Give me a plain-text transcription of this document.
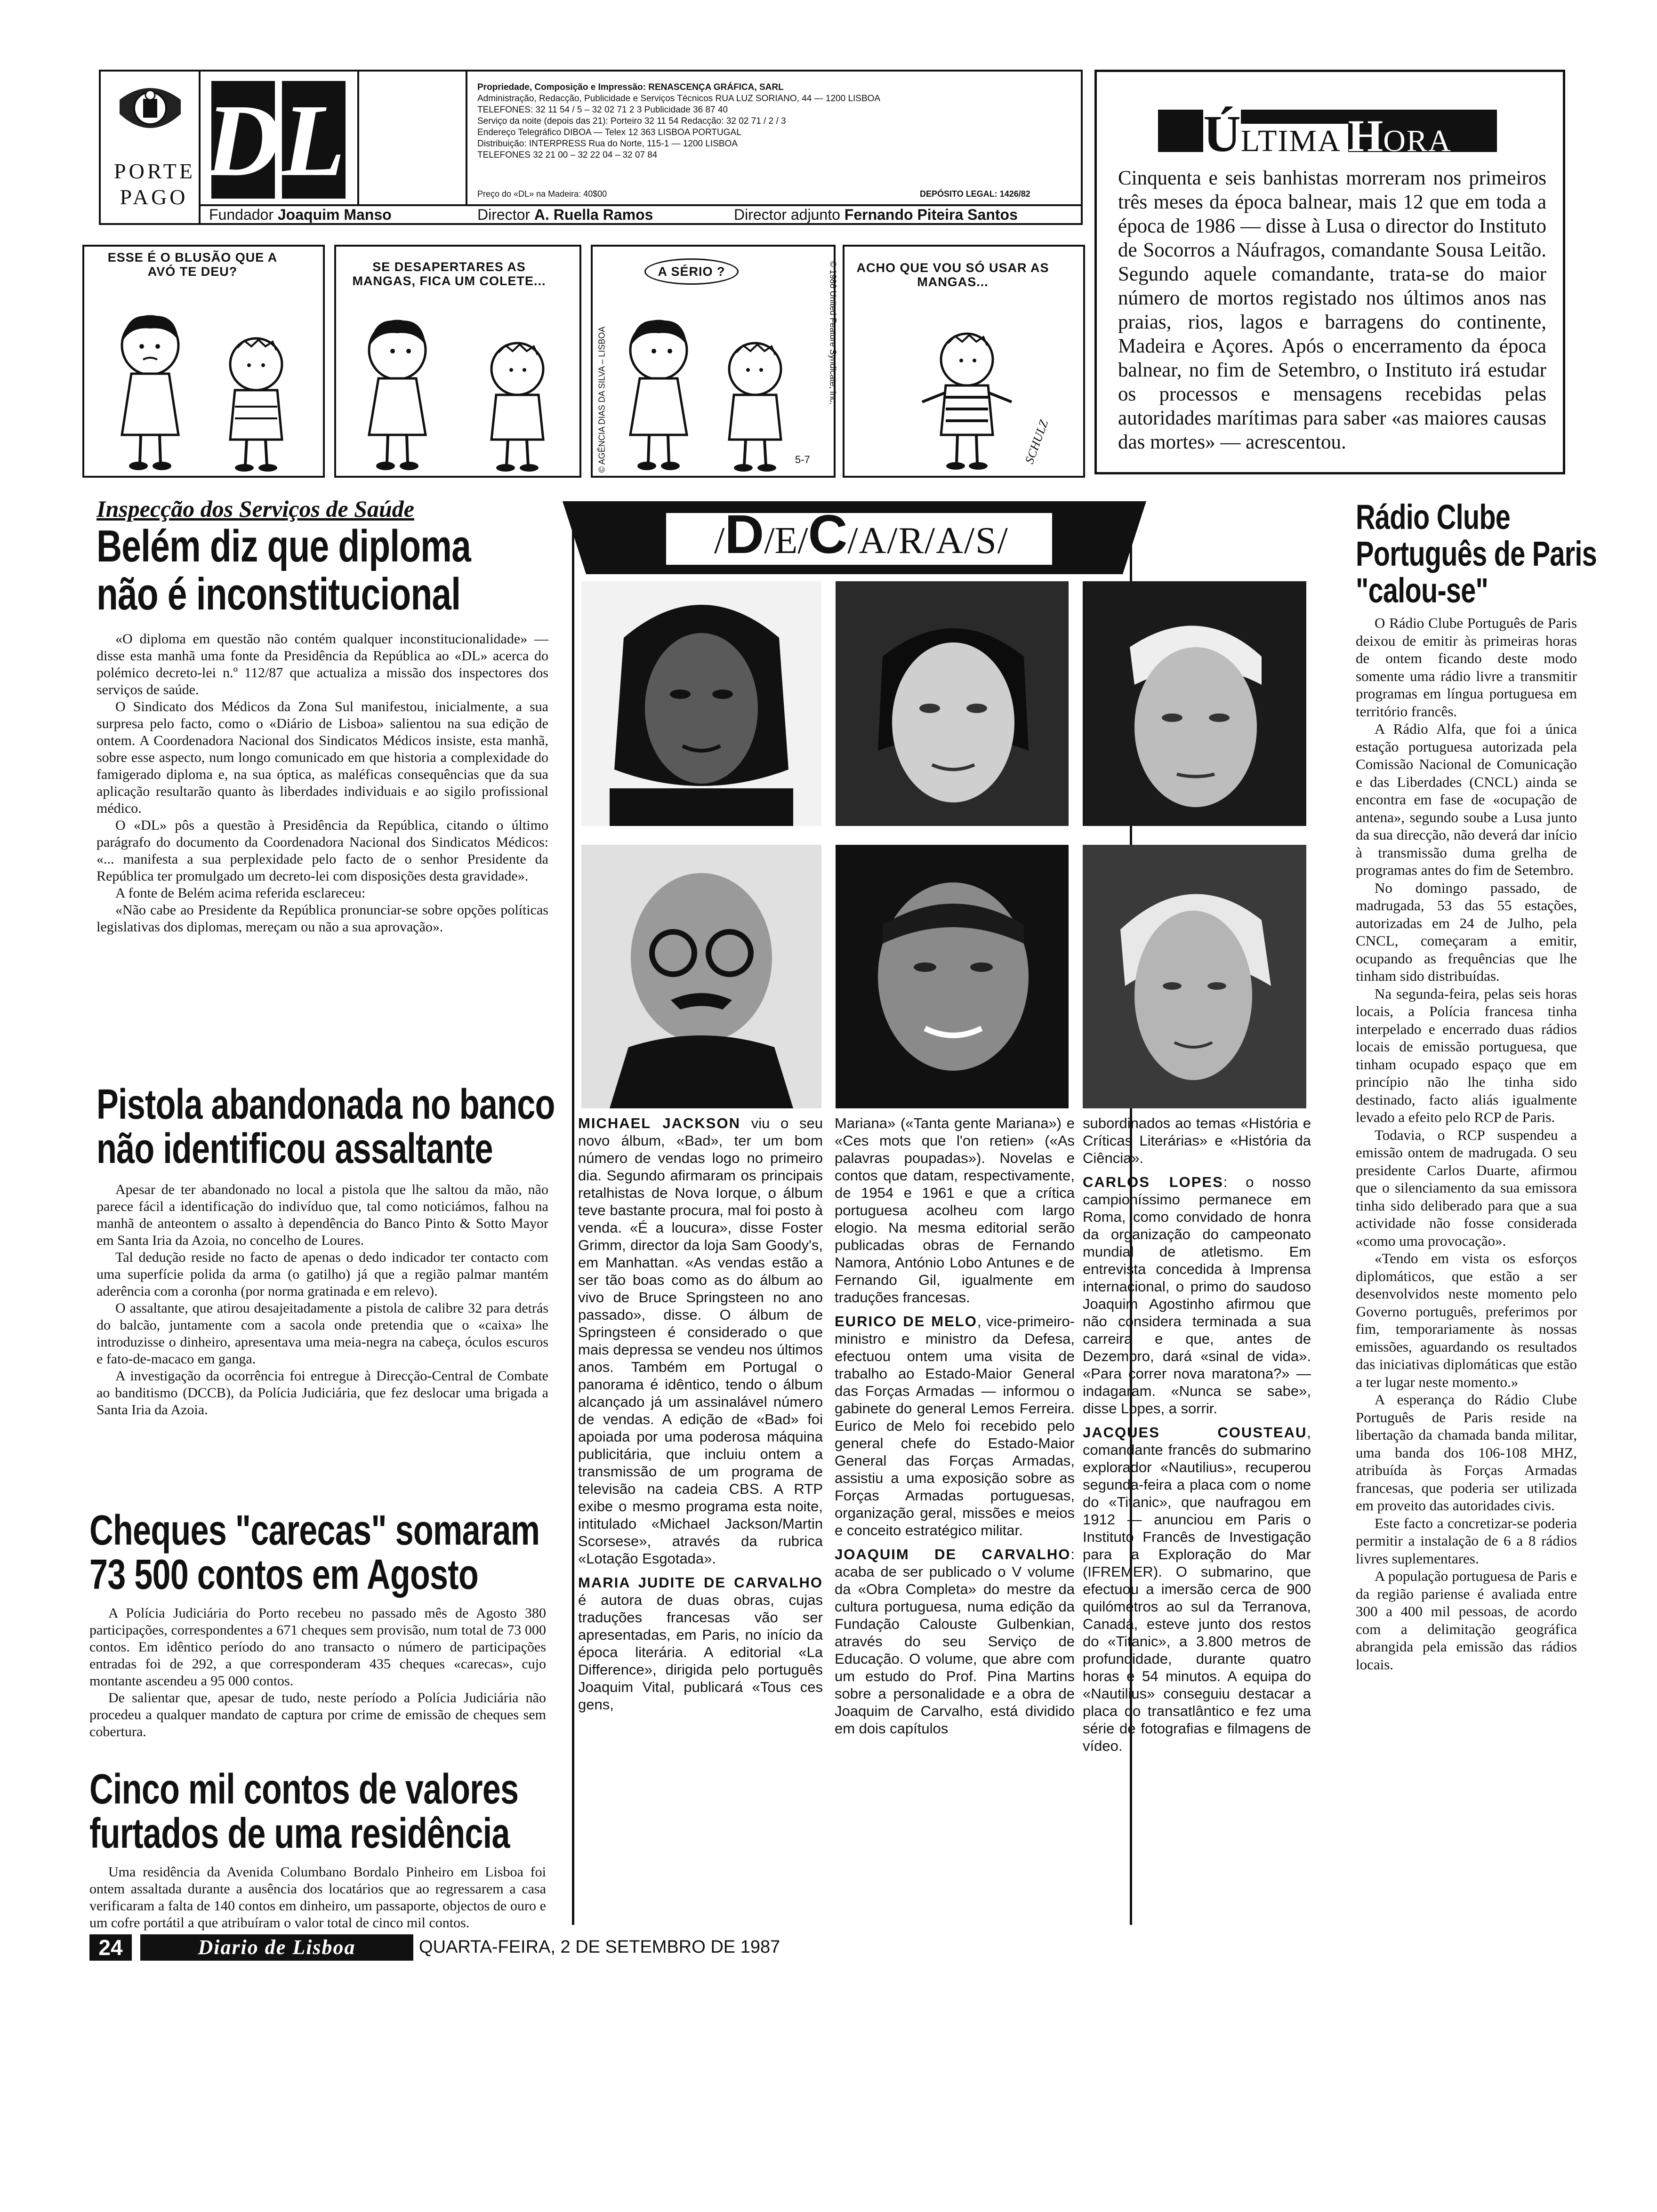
PORTE
PAGO D L	Propriedade, Composição e Impressão: RENASCENÇA GRÁFICA, SARL
Administração, Redacção, Publicidade e Serviços Técnicos RUA LUZ SORIANO, 44 — 1200 LISBOA
TELEFONES: 32 11 54 / 5 – 32 02 71 2 3 Publicidade 36 87 40
Serviço da noite (depois das 21): Porteiro 32 11 54 Redacção: 32 02 71 / 2 / 3
Endereço Telegráfico DIBOA — Telex 12 363 LISBOA PORTUGAL
Distribuição: INTERPRESS Rua do Norte, 115-1 — 1200 LISBOA
TELEFONES 32 21 00 – 32 22 04 – 32 07 84
Preço do «DL» na Madeira: 40$00	DEPÓSITO LEGAL: 1426/82
Fundador Joaquim Manso	Director A. Ruella Ramos	Director adjunto Fernando Piteira Santos
ESSE É O BLUSÃO QUE A AVÓ TE DEU?	SE DESAPERTARES AS MANGAS, FICA UM COLETE...
A SÉRIO ?
© AGÊNCIA DIAS DA SILVA – LISBOA	© 1986 United Feature Syndicate, Inc.
5-7
ACHO QUE VOU SÓ USAR AS MANGAS...
SCHULZ
ÚLTIMA HORA
Cinquenta e seis banhistas morreram nos primeiros três meses da época balnear, mais 12 que em toda a época de 1986 — disse à Lusa o director do Instituto de Socorros a Náufragos, comandante Sousa Leitão. Segundo aquele comandante, trata-se do maior número de mortos registado nos últimos anos nas praias, rios, lagos e barragens do continente, Madeira e Açores. Após o encerramento da época balnear, no fim de Setembro, o Instituto irá estudar os processos e mensagens recebidas pelas autoridades marítimas para saber «as maiores causas das mortes» — acrescentou.
Inspecção dos Serviços de Saúde
Belém diz que diploma
não é inconstitucional

«O diploma em questão não contém qualquer inconstitucionalidade» — disse esta manhã uma fonte da Presidência da República ao «DL» acerca do polémico decreto-lei n.º 112/87 que actualiza a missão dos inspectores dos serviços de saúde.

O Sindicato dos Médicos da Zona Sul manifestou, inicialmente, a sua surpresa pelo facto, como o «Diário de Lisboa» salientou na sua edição de ontem. A Coordenadora Nacional dos Sindicatos Médicos insiste, esta manhã, sobre esse aspecto, num longo comunicado em que historia a complexidade do famigerado diploma e, na sua óptica, as maléficas consequências que da sua aplicação resultarão quanto às liberdades individuais e ao sigilo profissional médico.

O «DL» pôs a questão à Presidência da República, citando o último parágrafo do documento da Coordenadora Nacional dos Sindicatos Médicos: «... manifesta a sua perplexidade pelo facto de o senhor Presidente da República ter promulgado um decreto-lei com disposições desta gravidade».

A fonte de Belém acima referida esclareceu:

«Não cabe ao Presidente da República pronunciar-se sobre opções políticas legislativas dos diplomas, mereçam ou não a sua aprovação».

Pistola abandonada no banco
não identificou assaltante

Apesar de ter abandonado no local a pistola que lhe saltou da mão, não parece fácil a identificação do indivíduo que, tal como noticiámos, falhou na manhã de anteontem o assalto à dependência do Banco Pinto & Sotto Mayor em Santa Iria da Azoia, no concelho de Loures.

Tal dedução reside no facto de apenas o dedo indicador ter contacto com uma superfície polida da arma (o gatilho) já que a região palmar mantém aderência com a coronha (por norma gratinada e em relevo).

O assaltante, que atirou desajeitadamente a pistola de calibre 32 para detrás do balcão, juntamente com a sacola onde pretendia que o «caixa» lhe introduzisse o dinheiro, apresentava uma meia-negra na cabeça, óculos escuros e fato-de-macaco em ganga.

A investigação da ocorrência foi entregue à Direcção-Central de Combate ao banditismo (DCCB), da Polícia Judiciária, que fez deslocar uma brigada a Santa Iria da Azoia.

Cheques "carecas" somaram
73 500 contos em Agosto

A Polícia Judiciária do Porto recebeu no passado mês de Agosto 380 participações, correspondentes a 671 cheques sem provisão, num total de 73 000 contos. Em idêntico período do ano transacto o número de participações entradas foi de 292, a que corresponderam 435 cheques «carecas», cujo montante ascendeu a 95 000 contos.

De salientar que, apesar de tudo, neste período a Polícia Judiciária não procedeu a qualquer mandato de captura por crime de emissão de cheques sem cobertura.

Cinco mil contos de valores
furtados de uma residência

Uma residência da Avenida Columbano Bordalo Pinheiro em Lisboa foi ontem assaltada durante a ausência dos locatários que ao regressarem a casa verificaram a falta de 140 contos em dinheiro, um passaporte, objectos de ouro e um cofre portátil a que atribuíram o valor total de cinco mil contos.

/D/E/C/A/R/A/S/

MICHAEL JACKSON viu o seu novo álbum, «Bad», ter um bom número de vendas logo no primeiro dia. Segundo afirmaram os principais retalhistas de Nova Iorque, o álbum teve bastante procura, mal foi posto à venda. «É a loucura», disse Foster Grimm, director da loja Sam Goody's, em Manhattan. «As vendas estão a ser tão boas como as do álbum ao vivo de Bruce Springsteen no ano passado», disse. O álbum de Springsteen é considerado o que mais depressa se vendeu nos últimos anos. Também em Portugal o panorama é idêntico, tendo o álbum alcançado já um assinalável número de vendas. A edição de «Bad» foi apoiada por uma poderosa máquina publicitária, que incluiu ontem a transmissão de um programa de televisão na cadeia CBS. A RTP exibe o mesmo programa esta noite, intitulado «Michael Jackson/Martin Scorsese», através da rubrica «Lotação Esgotada».

MARIA JUDITE DE CARVALHO é autora de duas obras, cujas traduções francesas vão ser apresentadas, em Paris, no início da época literária. A editorial «La Difference», dirigida pelo português Joaquim Vital, publicará «Tous ces gens,

Mariana» («Tanta gente Mariana») e «Ces mots que l'on retien» («As palavras poupadas»). Novelas e contos que datam, respectivamente, de 1954 e 1961 e que a crítica portuguesa acolheu com largo elogio. Na mesma editorial serão publicadas obras de Fernando Namora, António Lobo Antunes e de Fernando Gil, igualmente em traduções francesas.

EURICO DE MELO, vice-primeiro-ministro e ministro da Defesa, efectuou ontem uma visita de trabalho ao Estado-Maior General das Forças Armadas — informou o gabinete do general Lemos Ferreira. Eurico de Melo foi recebido pelo general chefe do Estado-Maior General das Forças Armadas, assistiu a uma exposição sobre as Forças Armadas portuguesas, organização geral, missões e meios e conceito estratégico militar.

JOAQUIM DE CARVALHO: acaba de ser publicado o V volume da «Obra Completa» do mestre da cultura portuguesa, numa edição da Fundação Calouste Gulbenkian, através do seu Serviço de Educação. O volume, que abre com um estudo do Prof. Pina Martins sobre a personalidade e a obra de Joaquim de Carvalho, está dividido em dois capítulos

subordinados ao temas «História e Críticas Literárias» e «História da Ciência».

CARLOS LOPES: o nosso campioníssimo permanece em Roma, como convidado de honra da organização do campeonato mundial de atletismo. Em entrevista concedida à Imprensa internacional, o primo do saudoso Joaquim Agostinho afirmou que não considera terminada a sua carreira e que, antes de Dezembro, dará «sinal de vida». «Para correr nova maratona?» — indagaram. «Nunca se sabe», disse Lopes, a sorrir.

JACQUES COUSTEAU, comandante francês do submarino explorador «Nautilius», recuperou segunda-feira a placa com o nome do «Titanic», que naufragou em 1912 — anunciou em Paris o Instituto Francês de Investigação para a Exploração do Mar (IFREMER). O submarino, que efectuou a imersão cerca de 900 quilómetros ao sul da Terranova, Canadá, esteve junto dos restos do «Titanic», a 3.800 metros de profundidade, durante quatro horas e 54 minutos. A equipa do «Nautilius» conseguiu destacar a placa do transatlântico e fez uma série de fotografias e filmagens de vídeo.

Rádio Clube
Português de Paris
"calou-se"

O Rádio Clube Português de Paris deixou de emitir às primeiras horas de ontem ficando deste modo somente uma rádio livre a transmitir programas em língua portuguesa em território francês.

A Rádio Alfa, que foi a única estação portuguesa autorizada pela Comissão Nacional de Comunicação e das Liberdades (CNCL) ainda se encontra em fase de «ocupação de antena», segundo soube a Lusa junto da sua direcção, não deverá dar início à transmissão duma grelha de programas antes do fim de Setembro.

No domingo passado, de madrugada, 53 das 55 estações, autorizadas em 24 de Julho, pela CNCL, começaram a emitir, ocupando as frequências que lhe tinham sido distribuídas.

Na segunda-feira, pelas seis horas locais, a Polícia francesa tinha interpelado e encerrado duas rádios locais de emissão portuguesa, que tinham ocupado espaço que em princípio não lhe tinha sido destinado, facto aliás igualmente levado a efeito pelo RCP de Paris.

Todavia, o RCP suspendeu a emissão ontem de madrugada. O seu presidente Carlos Duarte, afirmou que o silenciamento da sua emissora tinha sido deliberado para que a sua actividade não fosse considerada «como uma provocação».

«Tendo em vista os esforços diplomáticos, que estão a ser desenvolvidos neste momento pelo Governo português, preferimos por fim, temporariamente às nossas emissões, aguardando os resultados das iniciativas diplomáticas que estão a ter lugar neste momento.»

A esperança do Rádio Clube Português de Paris reside na libertação da chamada banda militar, uma banda dos 106-108 MHZ, atribuída às Forças Armadas francesas, que poderia ser utilizada em proveito das autoridades civis.

Este facto a concretizar-se poderia permitir a instalação de 6 a 8 rádios livres suplementares.

A população portuguesa de Paris e da região pariense é avaliada entre 300 a 400 mil pessoas, de acordo com a delimitação geográfica abrangida pela emissão das rádios locais.

24	Diario de Lisboa	QUARTA-FEIRA, 2 DE SETEMBRO DE 1987
